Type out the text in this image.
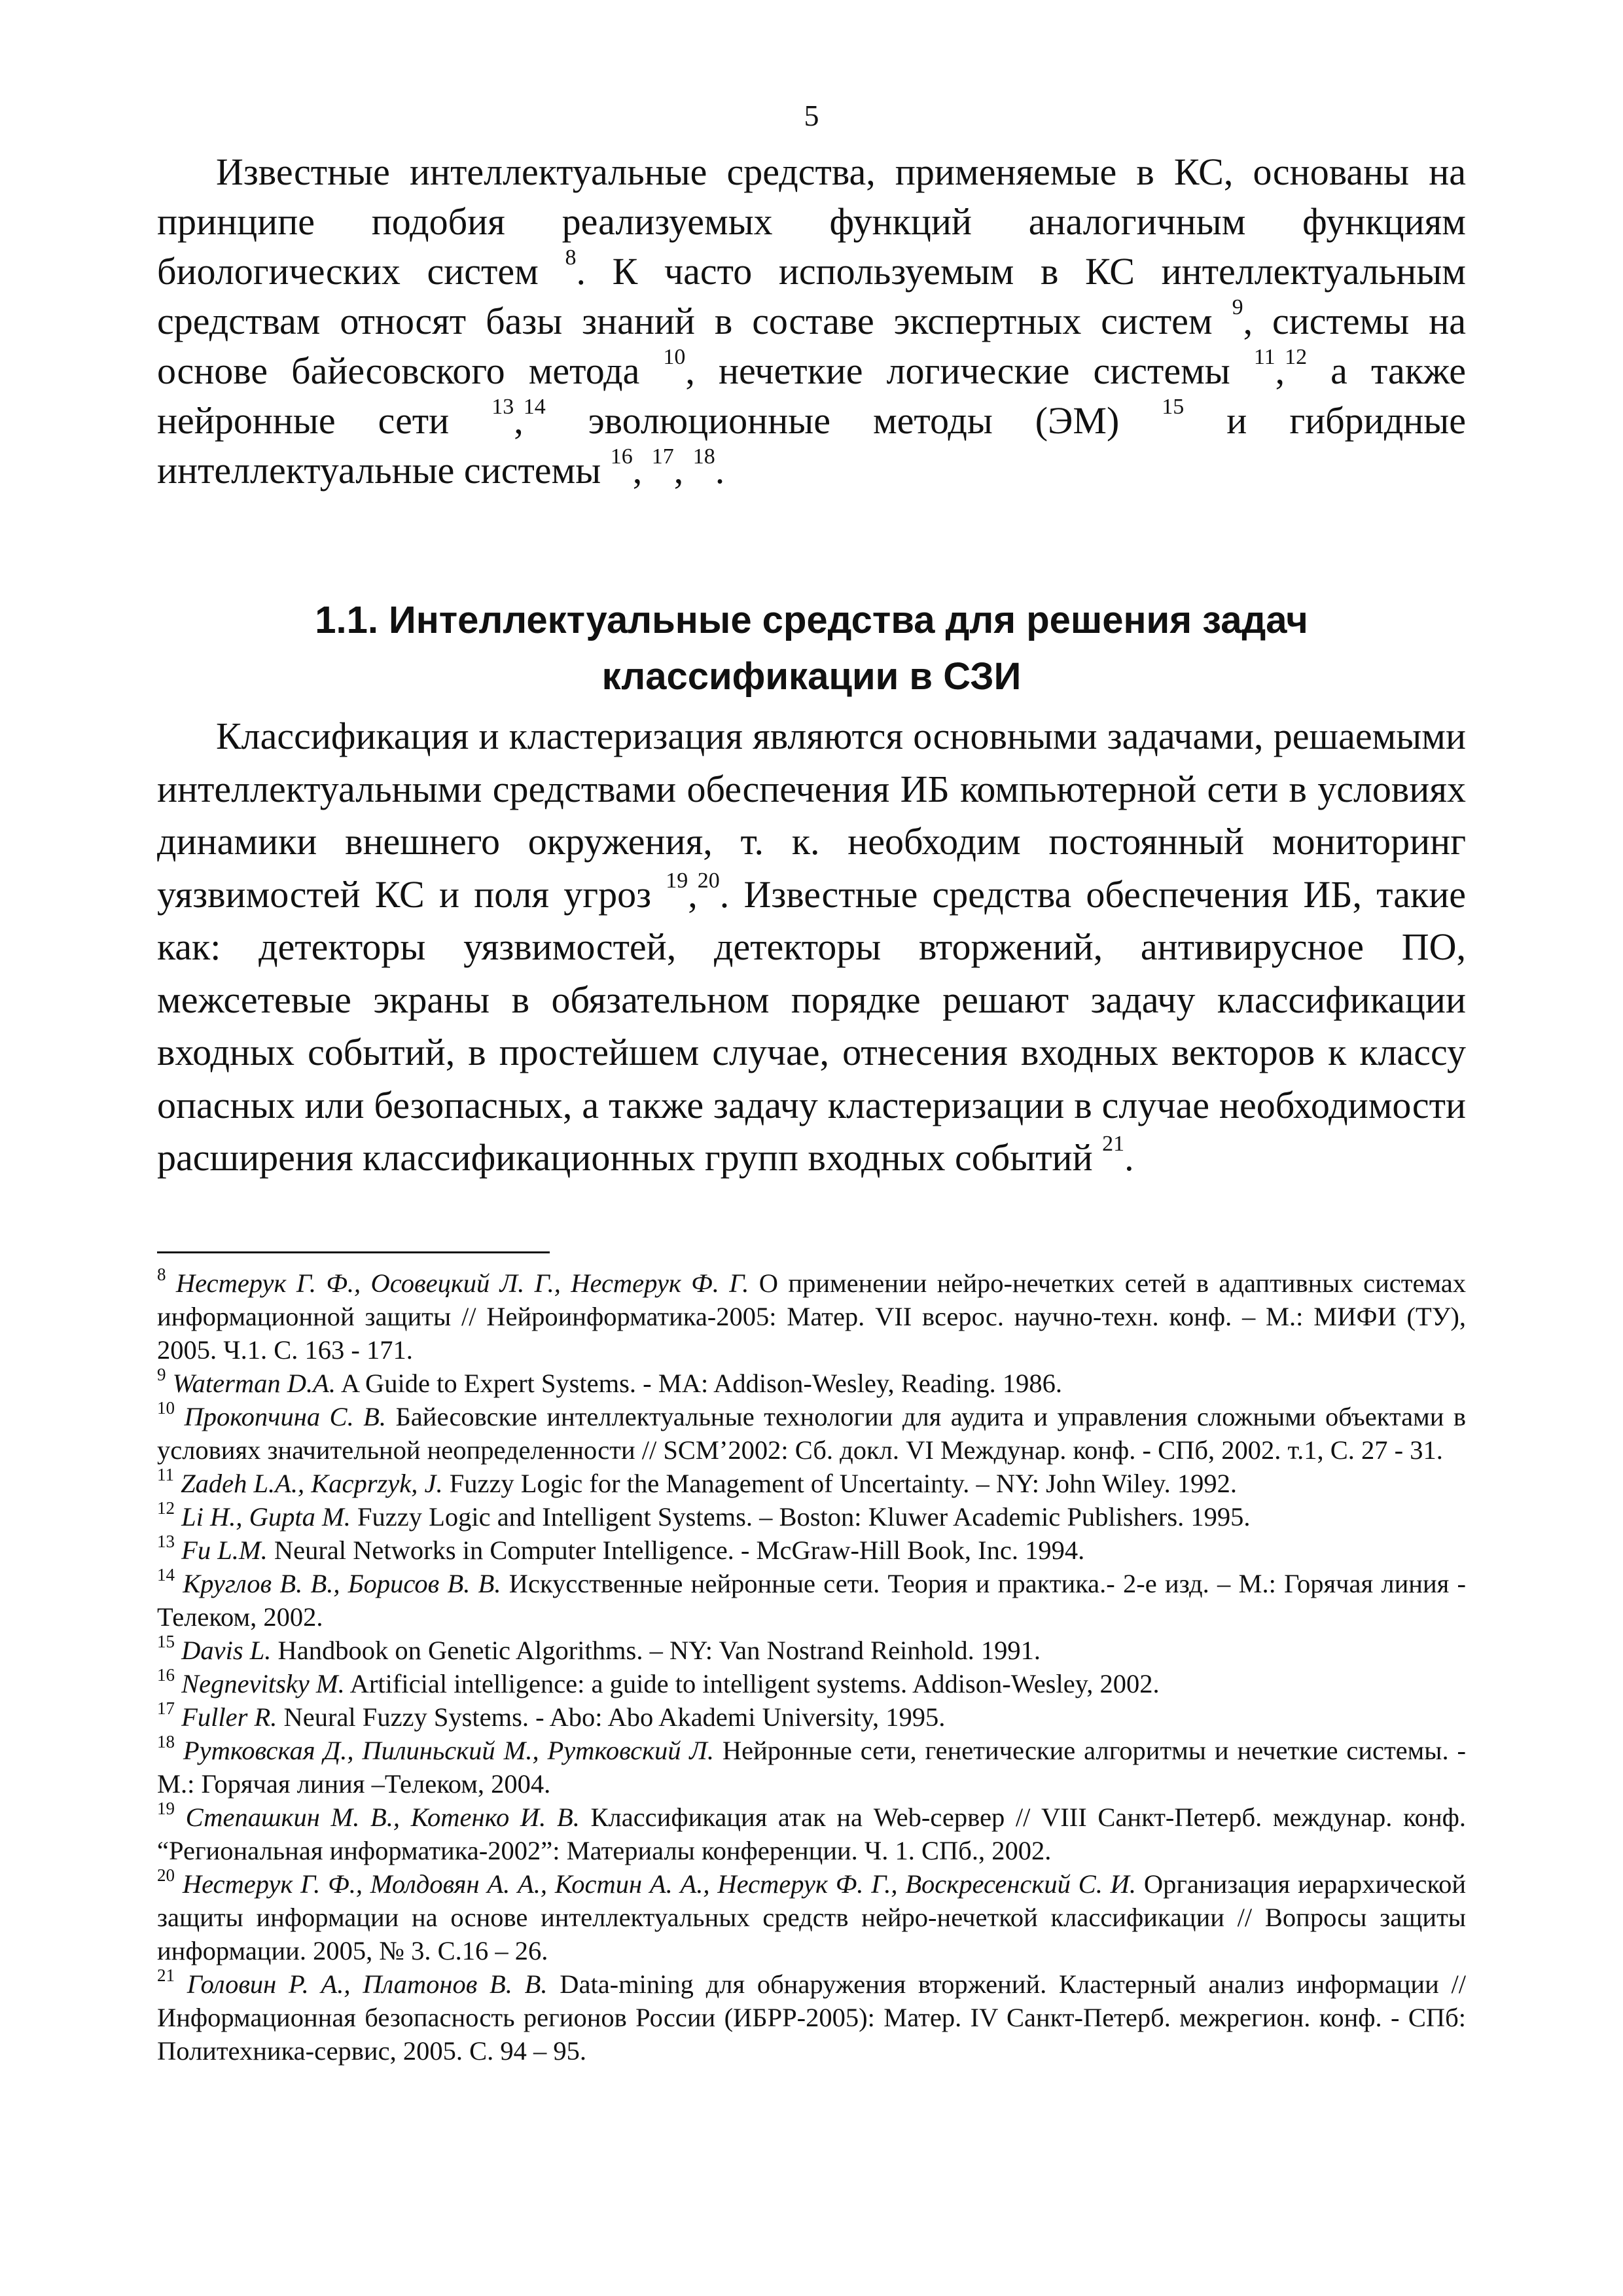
5

Известные интеллектуальные средства, применяемые в КС, основаны на принципе подобия реализуемых функций аналогичным функциям биологических систем $^8$. К часто используемым в КС интеллектуальным средствам относят базы знаний в составе экспертных систем $^9$, системы на основе байесовского метода $^{10}$, нечеткие логические системы $^{11}$,$^{12}$ а также нейронные сети $^{13}$,$^{14}$ эволюционные методы (ЭМ) $^{15}$ и гибридные интеллектуальные системы $^{16}$, $^{17}$, $^{18}$.

1.1. Интеллектуальные средства для решения задач
классификации в СЗИ

Классификация и кластеризация являются основными задачами, решаемыми интеллектуальными средствами обеспечения ИБ компьютерной сети в условиях динамики внешнего окружения, т. к. необходим постоянный мониторинг уязвимостей КС и поля угроз $^{19}$,$^{20}$. Известные средства обеспечения ИБ, такие как: детекторы уязвимостей, детекторы вторжений, антивирусное ПО, межсетевые экраны в обязательном порядке решают задачу классификации входных событий, в простейшем случае, отнесения входных векторов к классу опасных или безопасных, а также задачу кластеризации в случае необходимости расширения классификационных групп входных событий $^{21}$.

$^8$ Нестерук Г. Ф., Осовецкий Л. Г., Нестерук Ф. Г. О применении нейро-нечетких сетей в адаптивных системах информационной защиты // Нейроинформатика-2005: Матер. VII всерос. научно-техн. конф. – М.: МИФИ (ТУ), 2005. Ч.1. С. 163 - 171.
$^9$ Waterman D.A. A Guide to Expert Systems. - MA: Addison-Wesley, Reading. 1986.
$^{10}$ Прокопчина С. В. Байесовские интеллектуальные технологии для аудита и управления сложными объектами в условиях значительной неопределенности // SCM’2002: Сб. докл. VI Междунар. конф. - СПб, 2002. т.1, С. 27 - 31.
$^{11}$ Zadeh L.A., Kacprzyk, J. Fuzzy Logic for the Management of Uncertainty. – NY: John Wiley. 1992.
$^{12}$ Li H., Gupta M. Fuzzy Logic and Intelligent Systems. – Boston: Kluwer Academic Publishers. 1995.
$^{13}$ Fu L.M. Neural Networks in Computer Intelligence. - McGraw-Hill Book, Inc. 1994.
$^{14}$ Круглов В. В., Борисов В. В. Искусственные нейронные сети. Теория и практика.- 2-е изд. – М.: Горячая линия - Телеком, 2002.
$^{15}$ Davis L. Handbook on Genetic Algorithms. – NY: Van Nostrand Reinhold. 1991.
$^{16}$ Negnevitsky M. Artificial intelligence: a guide to intelligent systems. Addison-Wesley, 2002.
$^{17}$ Fuller R. Neural Fuzzy Systems. - Abo: Abo Akademi University, 1995.
$^{18}$ Рутковская Д., Пилиньский М., Рутковский Л. Нейронные сети, генетические алгоритмы и нечеткие системы. - М.: Горячая линия –Телеком, 2004.
$^{19}$ Степашкин М. В., Котенко И. В. Классификация атак на Web-сервер // VIII Санкт-Петерб. междунар. конф. “Региональная информатика-2002”: Материалы конференции. Ч. 1. СПб., 2002.
$^{20}$ Нестерук Г. Ф., Молдовян А. А., Костин А. А., Нестерук Ф. Г., Воскресенский С. И. Организация иерархической защиты информации на основе интеллектуальных средств нейро-нечеткой классификации // Вопросы защиты информации. 2005, № 3. С.16 – 26.
$^{21}$ Головин Р. А., Платонов В. В. Data-mining для обнаружения вторжений. Кластерный анализ информации // Информационная безопасность регионов России (ИБРР-2005): Матер. IV Санкт-Петерб. межрегион. конф. - СПб: Политехника-сервис, 2005. С. 94 – 95.
